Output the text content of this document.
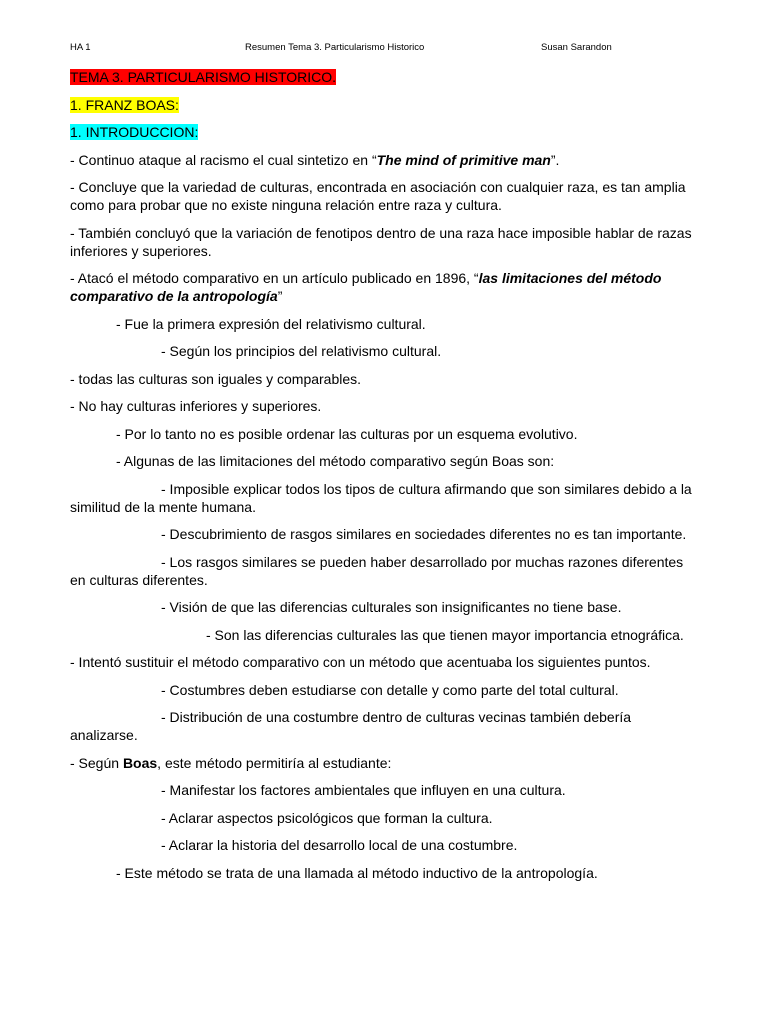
HA 1	Resumen Tema 3. Particularismo Historico	Susan Sarandon

TEMA 3. PARTICULARISMO HISTORICO.

1. FRANZ BOAS:

1. INTRODUCCION:

- Continuo ataque al racismo el cual sintetizo en “The mind of primitive man”.

- Concluye que la variedad de culturas, encontrada en asociación con cualquier raza, es tan amplia como para probar que no existe ninguna relación entre raza y cultura.

- También concluyó que la variación de fenotipos dentro de una raza hace imposible hablar de razas inferiores y superiores.

- Atacó el método comparativo en un artículo publicado en 1896, “las limitaciones del método comparativo de la antropología”

- Fue la primera expresión del relativismo cultural.

- Según los principios del relativismo cultural.

- todas las culturas son iguales y comparables.

- No hay culturas inferiores y superiores.

- Por lo tanto no es posible ordenar las culturas por un esquema evolutivo.

- Algunas de las limitaciones del método comparativo según Boas son:

- Imposible explicar todos los tipos de cultura afirmando que son similares debido a la similitud de la mente humana.

- Descubrimiento de rasgos similares en sociedades diferentes no es tan importante.

- Los rasgos similares se pueden haber desarrollado por muchas razones diferentes en culturas diferentes.

- Visión de que las diferencias culturales son insignificantes no tiene base.

- Son las diferencias culturales las que tienen mayor importancia etnográfica.

- Intentó sustituir el método comparativo con un método que acentuaba los siguientes puntos.

- Costumbres deben estudiarse con detalle y como parte del total cultural.

- Distribución de una costumbre dentro de culturas vecinas también debería analizarse.

- Según Boas, este método permitiría al estudiante:

- Manifestar los factores ambientales que influyen en una cultura.

- Aclarar aspectos psicológicos que forman la cultura.

- Aclarar la historia del desarrollo local de una costumbre.

- Este método se trata de una llamada al método inductivo de la antropología.
